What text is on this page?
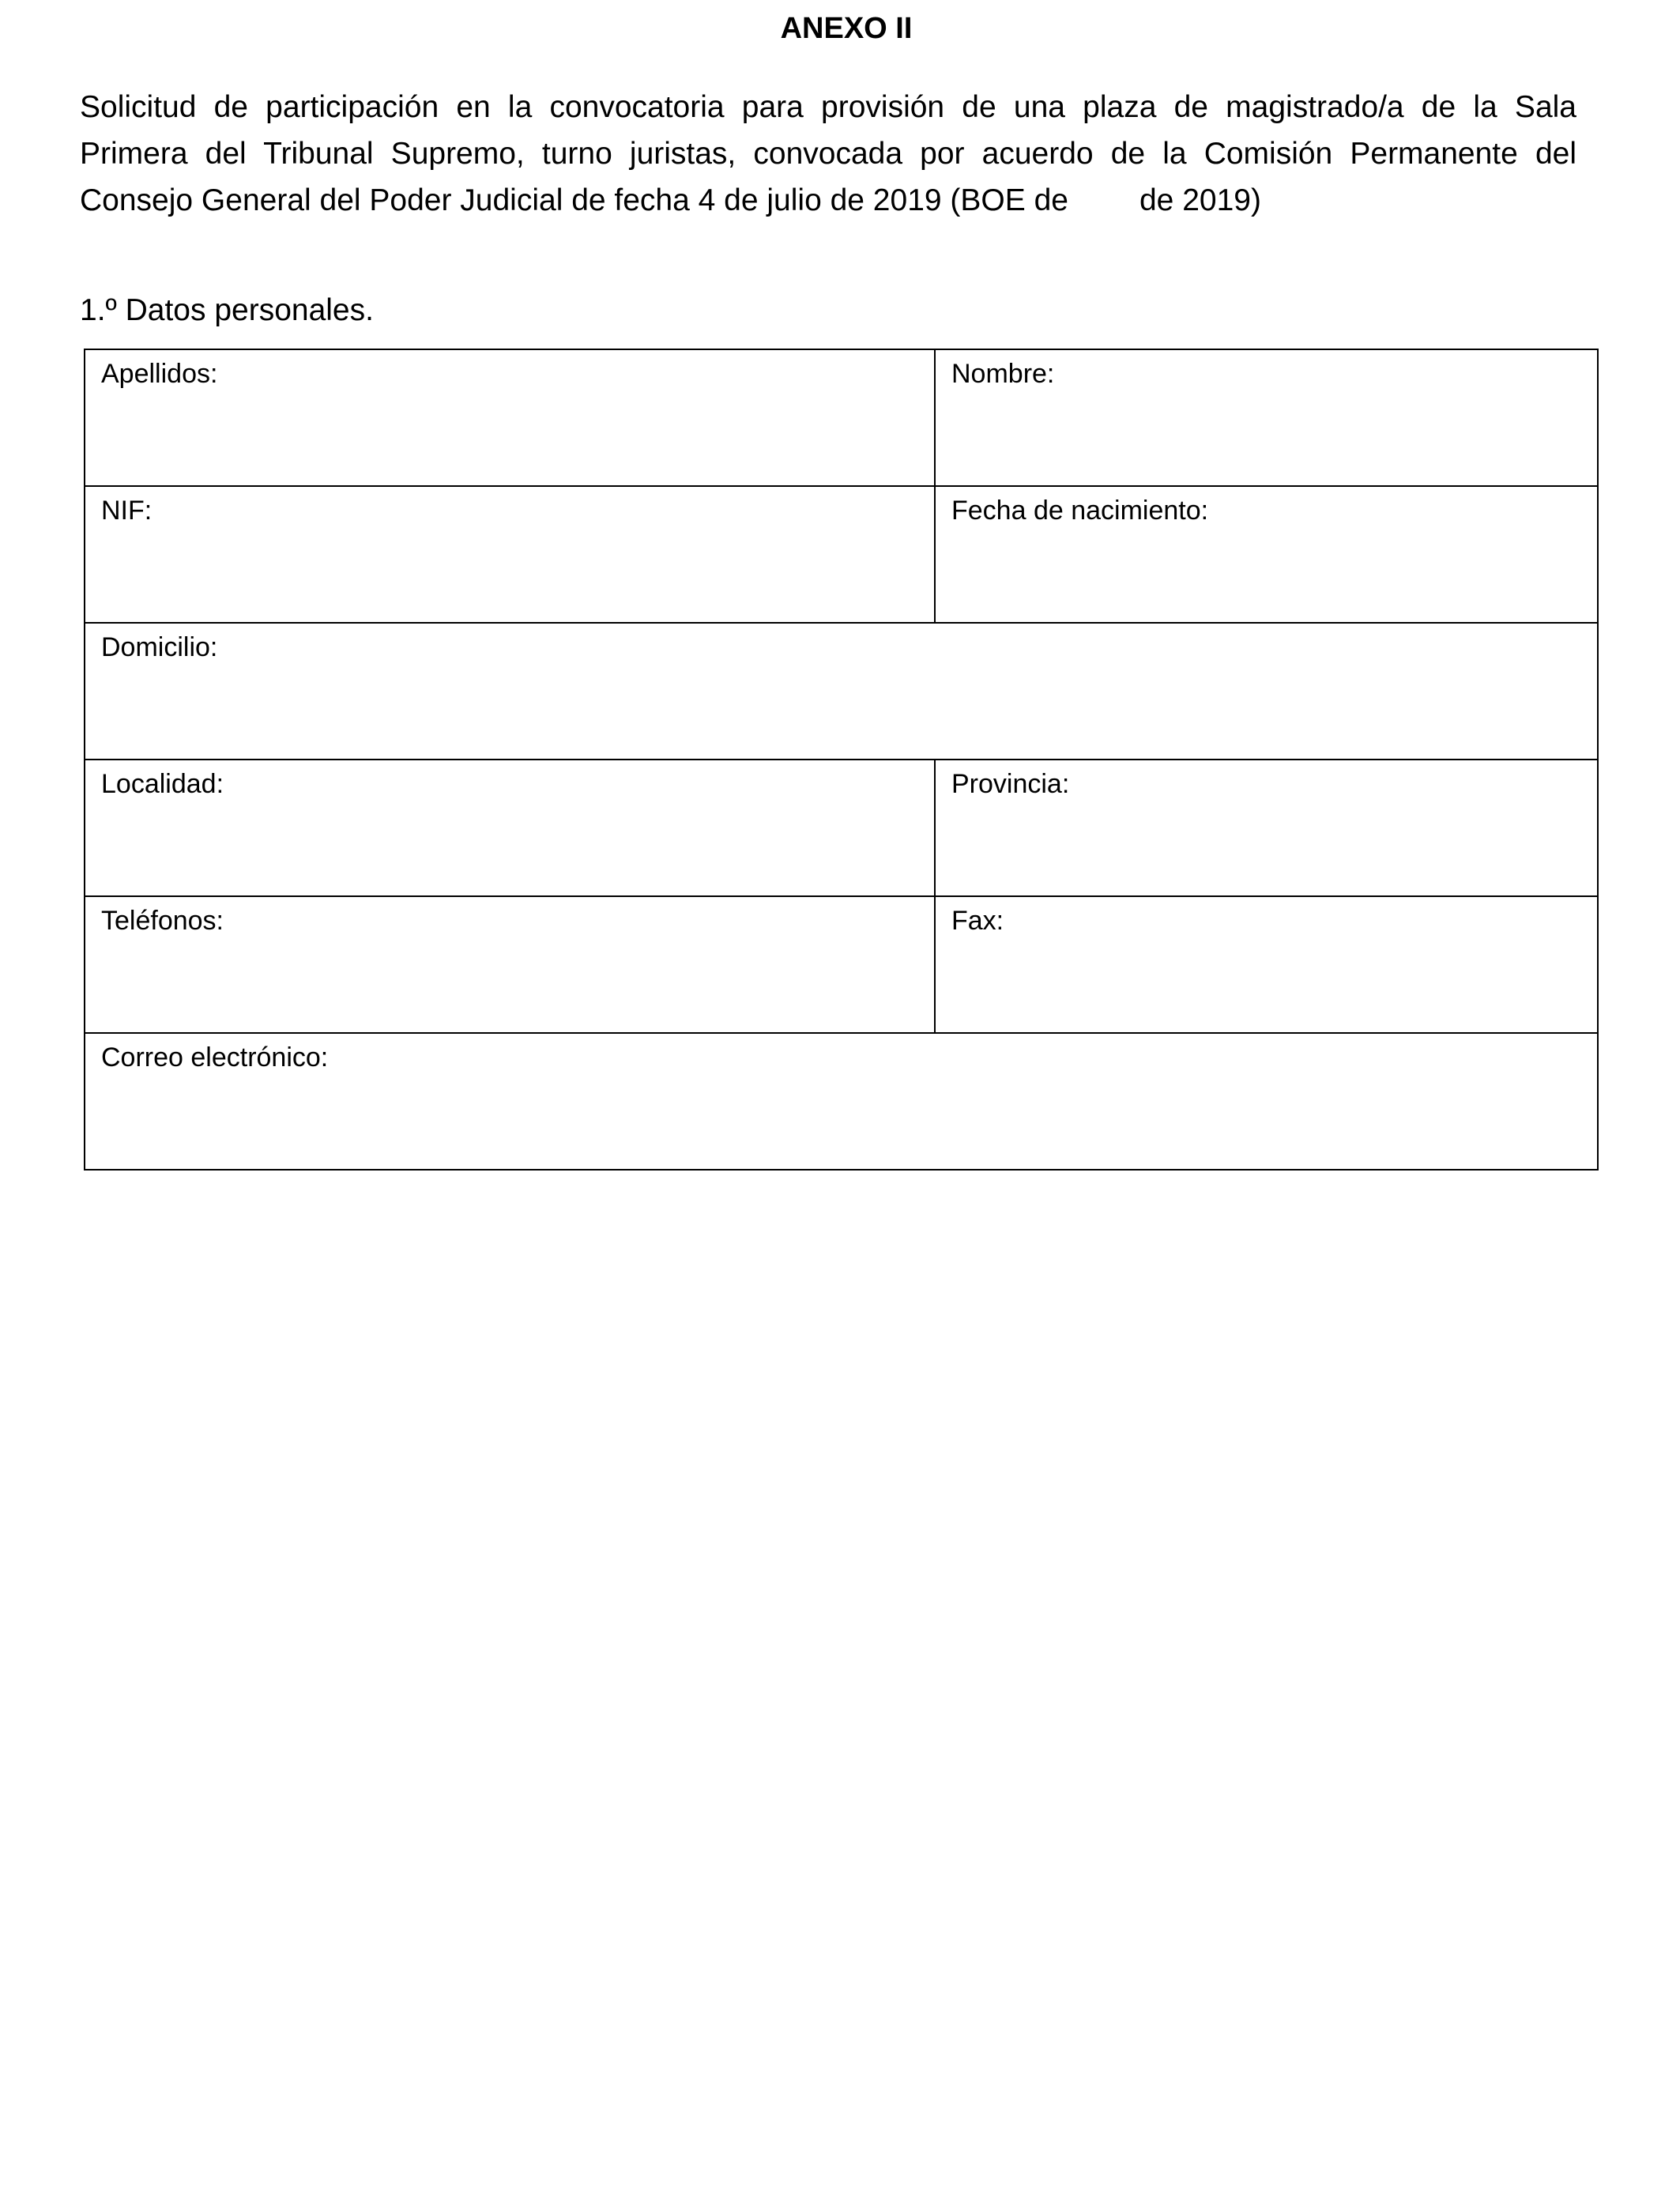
ANEXO II

Solicitud de participación en la convocatoria para provisión de una plaza de magistrado/a de la Sala
Primera del Tribunal Supremo, turno juristas, convocada por acuerdo de la Comisión Permanente del
Consejo General del Poder Judicial de fecha 4 de julio de 2019 (BOE de de 2019)

1.º Datos personales.

Apellidos:	Nombre:
NIF:	Fecha de nacimiento:
Domicilio:	
Localidad:	Provincia:
Teléfonos:	Fax:
Correo electrónico:	
